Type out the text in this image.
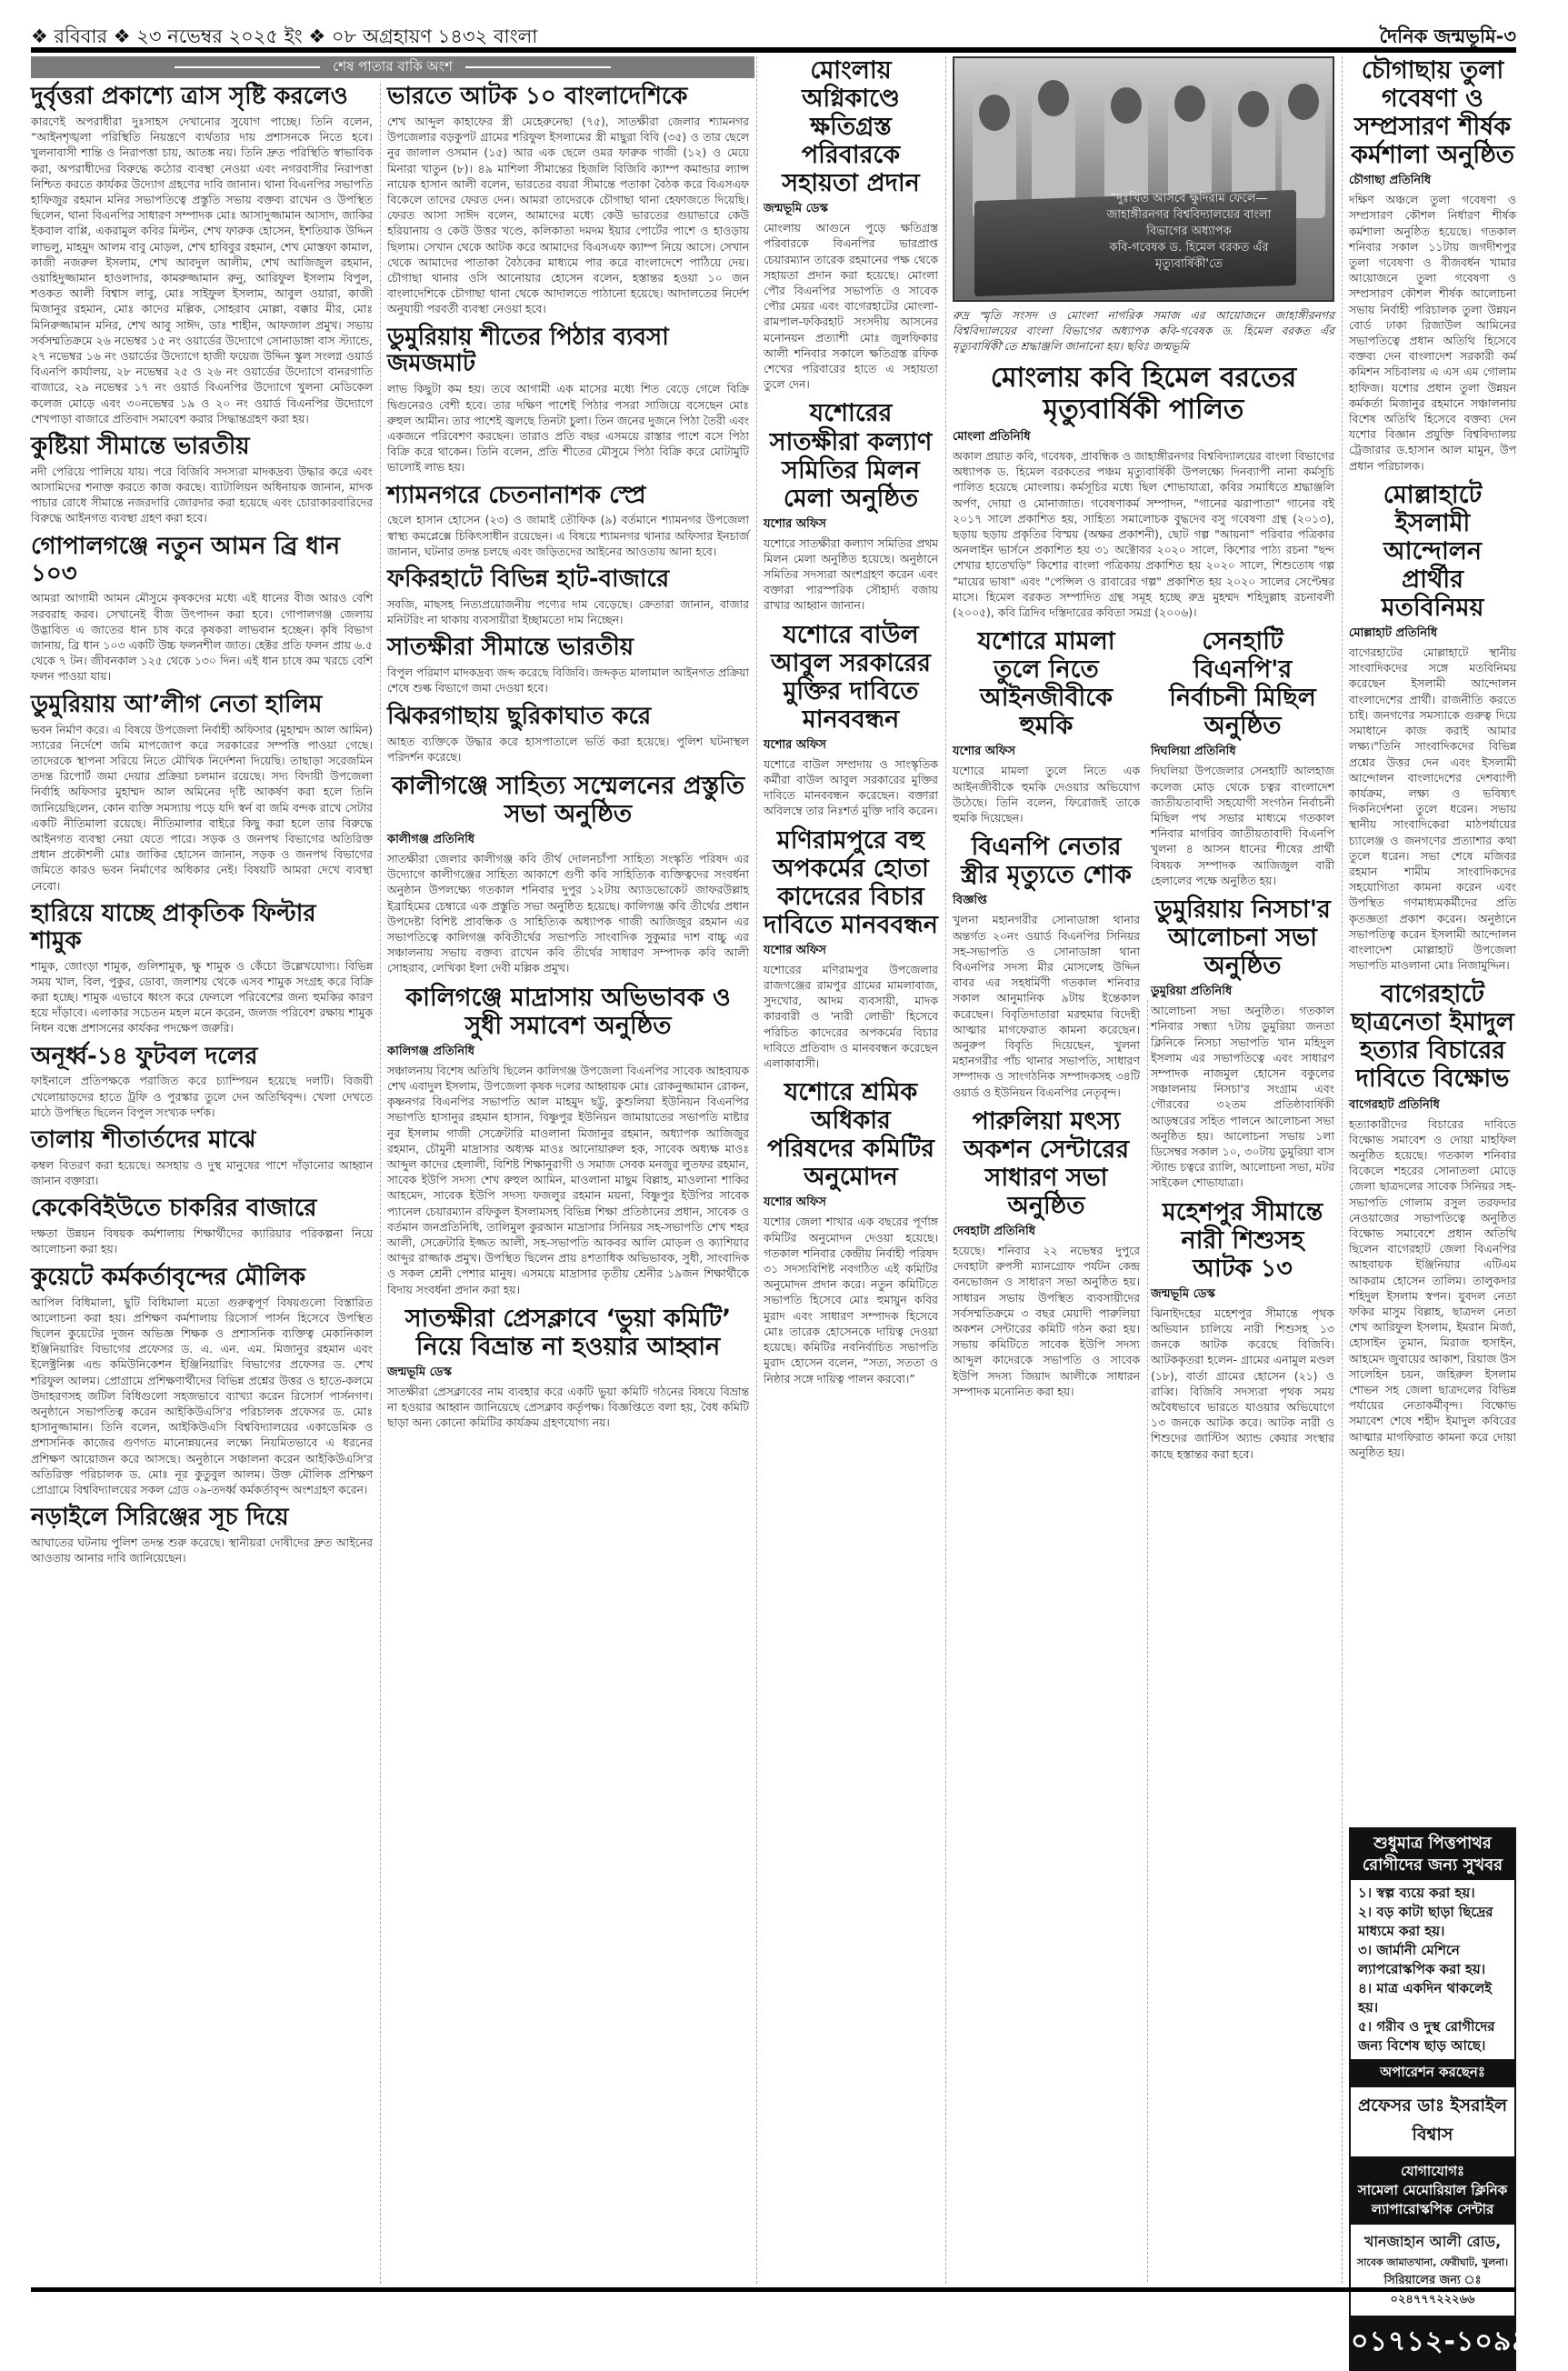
❖ রবিবার ❖ ২৩ নভেম্বর ২০২৫ ইং ❖ ০৮ অগ্রহায়ণ ১৪৩২ বাংলা	দৈনিক জন্মভূমি-৩
শেষ পাতার বাকি অংশ
দুর্বৃত্তরা প্রকাশ্যে ত্রাস সৃষ্টি করলেও
কারণেই অপরাধীরা দুঃসাহস দেখানোর সুযোগ পাচ্ছে। তিনি বলেন, “আইনশৃঙ্খলা পরিস্থিতি নিয়ন্ত্রণে ব্যর্থতার দায় প্রশাসনকে নিতে হবে। খুলনাবাসী শান্তি ও নিরাপত্তা চায়, আতঙ্ক নয়। তিনি দ্রুত পরিস্থিতি স্বাভাবিক করা, অপরাধীদের বিরুদ্ধে কঠোর ব্যবস্থা নেওয়া এবং নগরবাসীর নিরাপত্তা নিশ্চিত করতে কার্যকর উদ্যোগ গ্রহণের দাবি জানান। থানা বিএনপির সভাপতি হাফিজুর রহমান মনির সভাপতিত্বে প্রস্তুতি সভায় বক্তব্য রাখেন ও উপস্থিত ছিলেন, থানা বিএনপির সাধারণ সম্পাদক মোঃ আসাদুজ্জামান আসাদ, জাকির ইকবাল বাপ্পি, একরামুল কবির মিল্টন, শেখ ফারুক হোসেন, ইশতিয়াক উদ্দিন লাভলু, মাহমুদ আলম বাবু মোড়ল, শেখ হাবিবুর রহমান, শেখ মোস্তফা কামাল, কাজী নজরুল ইসলাম, শেখ আবদুল আলীম, শেখ আজিজুল রহমান, ওয়াহিদুজ্জামান হাওলাদার, কামরুজ্জামান রুনু, আরিফুল ইসলাম বিপুল, শওকত আলী বিশ্বাস লাবু, মোঃ সাইফুল ইসলাম, আবুল ওয়ারা, কাজী মিজানুর রহমান, মোঃ কাদের মল্লিক, সোহরাব মোল্লা, বক্কার মীর, মোঃ মিনিরুজ্জামান মনির, শেখ আবু সাঈদ, ডাঃ শাহীন, আফজাল প্রমুখ। সভায় সর্বসম্মতিক্রমে ২৬ নভেম্বর ১৫ নং ওয়ার্ডের উদ্যোগে সোনাডাঙ্গা বাস স্ট্যান্ডে, ২৭ নভেম্বর ১৬ নং ওয়ার্ডের উদ্যোগে হাজী ফয়েজ উদ্দিন স্কুল সংলগ্ন ওয়ার্ড বিএনপি কার্যালয়, ২৮ নভেম্বর ২৫ ও ২৬ নং ওয়ার্ডের উদ্যোগে বানরগাতি বাজারে, ২৯ নভেম্বর ১৭ নং ওয়ার্ড বিএনপির উদ্যোগে খুলনা মেডিকেল কলেজ মোড়ে এবং ৩০নভেম্বর ১৯ ও ২০ নং ওয়ার্ড বিএনপির উদ্যোগে শেখপাড়া বাজারে প্রতিবাদ সমাবেশ করার সিদ্ধান্তগ্রহণ করা হয়।
কুষ্টিয়া সীমান্তে ভারতীয়
নদী পেরিয়ে পালিয়ে যায়। পরে বিজিবি সদস্যরা মাদকদ্রব্য উদ্ধার করে এবং আসামিদের শনাক্ত করতে কাজ করছে। ব্যাটালিয়ন অধিনায়ক জানান, মাদক পাচার রোধে সীমান্তে নজরদারি জোরদার করা হয়েছে এবং চোরাকারবারিদের বিরুদ্ধে আইনগত ব্যবস্থা গ্রহণ করা হবে।
গোপালগঞ্জে নতুন আমন ব্রি ধান ১০৩
আমরা আগামী আমন মৌসুমে কৃষকদের মধ্যে এই ধানের বীজ আরও বেশি সরবরাহ করব। সেখানেই বীজ উৎপাদন করা হবে। গোপালগঞ্জ জেলায় উদ্ভাবিত এ জাতের ধান চাষ করে কৃষকরা লাভবান হচ্ছেন। কৃষি বিভাগ জানায়, ব্রি ধান ১০৩ একটি উচ্চ ফলনশীল জাত। হেক্টর প্রতি ফলন প্রায় ৬.৫ থেকে ৭ টন। জীবনকাল ১২৫ থেকে ১৩০ দিন। এই ধান চাষে কম খরচে বেশি ফলন পাওয়া যায়।
ডুমুরিয়ায় আ’লীগ নেতা হালিম
ভবন নির্মাণ করে। এ বিষয়ে উপজেলা নির্বাহী অফিসার (মুহাম্মদ আল আমিন) স্যারের নির্দেশে জমি মাপজোপ করে সরকারের সম্পত্তি পাওয়া গেছে। তাদেরকে স্থাপনা সরিয়ে নিতে মৌখিক নির্দেশনা দিয়েছি। তাছাড়া সরেজমিন তদন্ত রিপোর্ট জমা দেয়ার প্রক্রিয়া চলমান রয়েছে। সদ্য বিদায়ী উপজেলা নির্বাহি অফিসার মুহাম্মদ আল অমিনের দৃষ্টি আকর্ষণ করা হলে তিনি জানিয়েছিলেন, কোন ব্যক্তি সমস্যায় পড়ে যদি স্বর্ন বা জমি বন্দক রাখে সেটার একটি নীতিমালা রয়েছে। নীতিমালার বাইরে কিছু করা হলে তার বিরুদ্ধে আইনগত ব্যবস্থা নেয়া যেতে পারে। সড়ক ও জনপথ বিভাগের অতিরিক্ত প্রধান প্রকৌশলী মোঃ জাকির হোসেন জানান, সড়ক ও জনপথ বিভাগের জমিতে কারও ভবন নির্মাণের অধিকার নেই। বিষয়টি আমরা দেখে ব্যবস্থা নেবো।
হারিয়ে যাচ্ছে প্রাকৃতিক ফিল্টার শামুক
শামুক, জোংড়া শামুক, গুলিশামুক, ক্ষু শামুক ও কেঁচো উল্লেখযোগ্য। বিভিন্ন সময় খাল, বিল, পুকুর, ডোবা, জলাশয় থেকে এসব শামুক সংগ্রহ করে বিক্রি করা হচ্ছে। শামুক এভাবে ধ্বংস করে ফেললে পরিবেশের জন্য হুমকির কারণ হয়ে দাঁড়াবে। এলাকার সচেতন মহল মনে করেন, জলজ পরিবেশ রক্ষায় শামুক নিধন বন্ধে প্রশাসনের কার্যকর পদক্ষেপ জরুরি।
অনূর্ধ্ব-১৪ ফুটবল দলের
ফাইনালে প্রতিপক্ষকে পরাজিত করে চ্যাম্পিয়ন হয়েছে দলটি। বিজয়ী খেলোয়াড়দের হাতে ট্রফি ও পুরস্কার তুলে দেন অতিথিবৃন্দ। খেলা দেখতে মাঠে উপস্থিত ছিলেন বিপুল সংখ্যক দর্শক।
তালায় শীতার্তদের মাঝে
কম্বল বিতরণ করা হয়েছে। অসহায় ও দুস্থ মানুষের পাশে দাঁড়ানোর আহ্বান জানান বক্তারা।
কেকেবিইউতে চাকরির বাজারে
দক্ষতা উন্নয়ন বিষয়ক কর্মশালায় শিক্ষার্থীদের ক্যারিয়ার পরিকল্পনা নিয়ে আলোচনা করা হয়।
কুয়েটে কর্মকর্তাবৃন্দের মৌলিক
আপিল বিধিমালা, ছুটি বিধিমালা মতো গুরুত্বপূর্ণ বিষয়গুলো বিস্তারিত আলোচনা করা হয়। প্রশিক্ষণ কর্মশালায় রিসোর্স পার্সন হিসেবে উপস্থিত ছিলেন কুয়েটের দুজন অভিজ্ঞ শিক্ষক ও প্রশাসনিক ব্যক্তিত্ব মেকানিকাল ইঞ্জিনিয়ারিং বিভাগের প্রফেসর ড. এ. এন. এম. মিজানুর রহমান এবং ইলেক্ট্রনিক্স এন্ড কমিউনিকেশন ইঞ্জিনিয়ারিং বিভাগের প্রফেসর ড. শেখ শরিফুল আলম। প্রোগ্রামে প্রশিক্ষণার্থীদের বিভিন্ন প্রশ্নের উত্তর ও হাতে-কলমে উদাহরণসহ জটিল বিধিগুলো সহজভাবে ব্যাখ্যা করেন রিসোর্স পার্সনগণ। অনুষ্ঠানে সভাপতিত্ব করেন আইকিউএসি'র পরিচালক প্রফেসর ড. মোঃ হাসানুজ্জামান। তিনি বলেন, আইকিউএসি বিশ্ববিদ্যালয়ের একাডেমিক ও প্রশাসনিক কাজের গুণগত মানোন্নয়নের লক্ষ্যে নিয়মিতভাবে এ ধরনের প্রশিক্ষণ আয়োজন করে আসছে। অনুষ্ঠানে সঞ্চালনা করেন আইকিউএসি'র অতিরিক্ত পরিচালক ড. মোঃ নূর কুতুবুল আলম। উক্ত মৌলিক প্রশিক্ষণ প্রোগ্রামে বিশ্ববিদ্যালয়ের সকল গ্রেড ০৯-তদর্ধ্ব কর্মকর্তাবৃন্দ অংশগ্রহণ করেন।
নড়াইলে সিরিঞ্জের সূচ দিয়ে
আঘাতের ঘটনায় পুলিশ তদন্ত শুরু করেছে। স্থানীয়রা দোষীদের দ্রুত আইনের আওতায় আনার দাবি জানিয়েছেন।
ভারতে আটক ১০ বাংলাদেশিকে
শেখ আব্দুল কাহাফের স্ত্রী মেহেরুনেছা (৭৫), সাতক্ষীরা জেলার শ্যামনগর উপজেলার বড়কুপট গ্রামের শরিফুল ইসলামের স্ত্রী মাছুরা বিবি (৩৫) ও তার ছেলে নুর জালাল ওসমান (১৫) আর এক ছেলে ওমর ফারুক গাজী (১২) ও মেয়ে মিনারা খাতুন (৮)। ৪৯ মাশিলা সীমান্তের হিজলি বিজিবি ক্যাম্প কমান্ডার ল্যান্স নায়েক হাসান আলী বলেন, ভারতের বয়রা সীমান্তে পতাকা বৈঠক করে বিএসএফ বিকেলে তাদের ফেরত দেন। আমরা তাদেরকে চৌগাছা থানা হেফাজতে দিয়েছি। ফেরত আসা সাঈদ বলেন, আমাদের মধ্যে কেউ ভারতের গুয়াভারে কেউ হরিয়ানায় ও কেউ উত্তর খণ্ডে, কলিকাতা দমদম ইয়ার পোর্টের পাশে ও হাওড়ায় ছিলাম। সেখান থেকে আটক করে আমাদের বিএসএফ ক্যাম্প নিয়ে আসে। সেখান থেকে আমাদের পাতাকা বৈঠকের মাধ্যমে পার করে বাংলাদেশে পাঠিয়ে দেয়। চৌগাছা থানার ওসি আনোয়ার হোসেন বলেন, হস্তান্তর হওয়া ১০ জন বাংলাদেশিকে চৌগাছা থানা থেকে আদালতে পাঠানো হয়েছে। আদালতের নির্দেশ অনুযায়ী পরবর্তী ব্যবস্থা নেওয়া হবে।
ডুমুরিয়ায় শীতের পিঠার ব্যবসা জমজমাট
লাভ কিছুটা কম হয়। তবে আগামী এক মাসের মধ্যে শিত বেড়ে গেলে বিক্রি দ্বিগুনেরও বেশী হবে। তার দক্ষিণ পাশেই পিঠার পসরা সাজিয়ে বসেছেন মোঃ রুহুল আমীন। তার পাশেই জ্বলছে তিনটা চুলা। তিন জনের দুজনে পিঠা তৈরী এবং একজনে পরিবেশণ করছেন। তারাও প্রতি বছর এসময়ে রাস্তার পাশে বসে পিঠা বিক্রি করে থাকেন। তিনি বলেন, প্রতি শীতের মৌসুমে পিঠা বিক্রি করে মোটামুটি ভালোই লাভ হয়।
শ্যামনগরে চেতনানাশক স্প্রে
ছেলে হাসান হোসেন (২৩) ও জামাই তৌফিক (৯) বর্তমানে শ্যামনগর উপজেলা স্বাস্থ্য কমপ্লেক্সে চিকিৎসাধীন রয়েছেন। এ বিষয়ে শ্যামনগর থানার অফিসার ইনচার্জ জানান, ঘটনার তদন্ত চলছে এবং জড়িতদের আইনের আওতায় আনা হবে।
ফকিরহাটে বিভিন্ন হাট-বাজারে
সবজি, মাছসহ নিত্যপ্রয়োজনীয় পণ্যের দাম বেড়েছে। ক্রেতারা জানান, বাজার মনিটরিং না থাকায় ব্যবসায়ীরা ইচ্ছামতো দাম নিচ্ছেন।
সাতক্ষীরা সীমান্তে ভারতীয়
বিপুল পরিমাণ মাদকদ্রব্য জব্দ করেছে বিজিবি। জব্দকৃত মালামাল আইনগত প্রক্রিয়া শেষে শুল্ক বিভাগে জমা দেওয়া হবে।
ঝিকরগাছায় ছুরিকাঘাত করে
আহত ব্যক্তিকে উদ্ধার করে হাসপাতালে ভর্তি করা হয়েছে। পুলিশ ঘটনাস্থল পরিদর্শন করেছে।
কালীগঞ্জে সাহিত্য সম্মেলনের প্রস্তুতি সভা অনুষ্ঠিত
কালীগঞ্জ প্রতিনিধি
সাতক্ষীরা জেলার কালীগঞ্জ কবি তীর্থ দোলনচাঁপা সাহিত্য সংস্কৃতি পরিষদ এর উদ্যোগে কালীগঞ্জের সাহিত্য আকাশে গুণী কবি সাহিত্যিক ব্যক্তিত্বদের সংবর্ধনা অনুষ্ঠান উপলক্ষ্যে গতকাল শনিবার দুপুর ১২টায় অ্যাডভোকেট জাফরউল্লাহ ইব্রাহিমের চেম্বারে এক প্রস্তুতি সভা অনুষ্ঠিত হয়েছে। কালিগঞ্জ কবি তীর্থের প্রধান উপদেষ্টা বিশিষ্ট প্রাবন্ধিক ও সাহিত্যিক অধ্যাপক গাজী আজিজুর রহমান এর সভাপতিত্বে কালিগঞ্জ কবিতীর্থের সভাপতি সাংবাদিক সুকুমার দাশ বাচ্চু এর সঞ্চালনায় সভায় বক্তব্য রাখেন কবি তীর্থের সাধারণ সম্পাদক কবি আলী সোহরাব, লেখিকা ইলা দেবী মল্লিক প্রমুখ।
কালিগঞ্জে মাদ্রাসায় অভিভাবক ও সুধী সমাবেশ অনুষ্ঠিত
কালিগঞ্জ প্রতিনিধি
সঞ্চালনায় বিশেষ অতিথি ছিলেন কালিগঞ্জ উপজেলা বিএনপির সাবেক আহবায়ক শেখ এবাদুল ইসলাম, উপজেলা কৃষক দলের আহ্বায়ক মোঃ রোকনুজ্জামান রোকন, কৃষ্ণনগর বিএনপির সভাপতি আল মাহমুদ ছট্টু, কুশুলিয়া ইউনিয়ন বিএনপির সভাপতি হাসানুর রহমান হাসান, বিষ্ণুপুর ইউনিয়ন জামায়াতের সভাপতি মাষ্টার নুর ইসলাম গাজী সেক্রেটারি মাওলানা মিজানুর রহমান, অধ্যাপক আজিজুর রহমান, চৌমুনী মাদ্রাসার অধ্যক্ষ মাওঃ আনোয়ারুল হক, সাবেক অধ্যক্ষ মাওঃ আব্দুল কাদের হেলালী, বিশিষ্ট শিক্ষানুরাগী ও সমাজ সেবক মনজুর লুতফর রহমান, সাবেক ইউপি সদস্য শেখ রুহুল আমিন, মাওলানা মাছুম বিল্লাহ, মাওলানা শাকির আহমেদ, সাবেক ইউপি সদস্য ফজলুর রহমান ময়না, বিষ্ণুপুর ইউপির সাবেক প্যানেল চেয়ারম্যান রফিকুল ইসলামসহ বিভিন্ন শিক্ষা প্রতিষ্ঠানের প্রধান, সাবেক ও বর্তমান জনপ্রতিনিধি, তালিমুল কুরআন মাদ্রাসার সিনিয়র সহ-সভাপতি শেখ শহর আলী, সেক্রেটারি ইজ্জত আলী, সহ-সভাপতি আকবর আলি মোড়ল ও ক্যাশিয়ার আব্দুর রাজ্জাক প্রমুখ। উপস্থিত ছিলেন প্রায় ৪শতাধিক অভিভাবক, সুধী, সাংবাদিক ও সকল শ্রেনী পেশার মানুষ। এসময়ে মাদ্রাসার তৃতীয় শ্রেনীর ১৯জন শিক্ষার্থীকে বিদায় সংবর্ধনা প্রদান করা হয়।
সাতক্ষীরা প্রেসক্লাবে ‘ভুয়া কমিটি’ নিয়ে বিভ্রান্ত না হওয়ার আহ্বান
জন্মভূমি ডেস্ক
সাতক্ষীরা প্রেসক্লাবের নাম ব্যবহার করে একটি ভুয়া কমিটি গঠনের বিষয়ে বিভ্রান্ত না হওয়ার আহ্বান জানিয়েছে প্রেসক্লাব কর্তৃপক্ষ। বিজ্ঞপ্তিতে বলা হয়, বৈধ কমিটি ছাড়া অন্য কোনো কমিটির কার্যক্রম গ্রহণযোগ্য নয়।
মোংলায় অগ্নিকাণ্ডে ক্ষতিগ্রস্ত পরিবারকে সহায়তা প্রদান
জন্মভূমি ডেস্ক
মোংলায় আগুনে পুড়ে ক্ষতিগ্রস্ত পরিবারকে বিএনপির ভারপ্রাপ্ত চেয়ারম্যান তারেক রহমানের পক্ষ থেকে সহায়তা প্রদান করা হয়েছে। মোংলা পৌর বিএনপির সভাপতি ও সাবেক পৌর মেয়র এবং বাগেরহাটের মোংলা-রামপাল-ফকিরহাট সংসদীয় আসনের মনোনয়ন প্রত্যাশী মোঃ জুলফিকার আলী শনিবার সকালে ক্ষতিগ্রস্ত রফিক শেখের পরিবারের হাতে এ সহায়তা তুলে দেন।
যশোরের সাতক্ষীরা কল্যাণ সমিতির মিলন মেলা অনুষ্ঠিত
যশোর অফিস
যশোরে সাতক্ষীরা কল্যাণ সমিতির প্রথম মিলন মেলা অনুষ্ঠিত হয়েছে। অনুষ্ঠানে সমিতির সদস্যরা অংশগ্রহণ করেন এবং বক্তারা পারস্পরিক সৌহার্দ্য বজায় রাখার আহ্বান জানান।
যশোরে বাউল আবুল সরকারের মুক্তির দাবিতে মানববন্ধন
যশোর অফিস
যশোরে বাউল সম্প্রদায় ও সাংস্কৃতিক কর্মীরা বাউল আবুল সরকারের মুক্তির দাবিতে মানববন্ধন করেছেন। বক্তারা অবিলম্বে তার নিঃশর্ত মুক্তি দাবি করেন।
মণিরামপুরে বহু অপকর্মের হোতা কাদেরের বিচার দাবিতে মানববন্ধন
যশোর অফিস
যশোরের মণিরামপুর উপজেলার রাজগঞ্জের রামপুর গ্রামের মামলাবাজ, সুদখোর, আদম ব্যবসায়ী, মাদক কারবারী ও 'নারী লোভী' হিসেবে পরিচিত কাদেরের অপকর্মের বিচার দাবিতে প্রতিবাদ ও মানববন্ধন করেছেন এলাকাবাসী।
যশোরে শ্রমিক অধিকার পরিষদের কমিটির অনুমোদন
যশোর অফিস
যশোর জেলা শাখার এক বছরের পূর্ণাঙ্গ কমিটির অনুমোদন দেওয়া হয়েছে। গতকাল শনিবার কেন্দ্রীয় নির্বাহী পরিষদ ৩১ সদস্যবিশিষ্ট নবগঠিত এই কমিটির অনুমোদন প্রদান করে। নতুন কমিটিতে সভাপতি হিসেবে মোঃ হুমায়ুন কবির মুরাদ এবং সাধারণ সম্পাদক হিসেবে মোঃ তারেক হোসেনকে দায়িত্ব দেওয়া হয়েছে। কমিটির নবনির্বাচিত সভাপতি মুরাদ হোসেন বলেন, “সত্য, সততা ও নিষ্ঠার সঙ্গে দায়িত্ব পালন করবো।”
“দুঃখিত আসবে ক্ষুদিরাম ফেলে—
জাহাঙ্গীরনগর বিশ্ববিদ্যালয়ের বাংলা বিভাগের অধ্যাপক
কবি-গবেষক ড. হিমেল বরকত এঁর মৃত্যুবার্ষিকী'তে
রুদ্র স্মৃতি সংসদ ও মোংলা নাগরিক সমাজ এর আয়োজনে জাহাঙ্গীরনগর বিশ্ববিদ্যালয়ের বাংলা বিভাগের অধ্যাপক কবি-গবেষক ড. হিমেল বরকত এঁর মৃত্যুবার্ষিকী'তে শ্রদ্ধাঞ্জলি জানানো হয়। ছবিঃ জন্মভূমি
মোংলায় কবি হিমেল বরতের মৃত্যুবার্ষিকী পালিত
মোংলা প্রতিনিধি
অকাল প্রয়াত কবি, গবেষক, প্রাবন্ধিক ও জাহাঙ্গীরনগর বিশ্ববিদ্যালয়ের বাংলা বিভাগের অধ্যাপক ড. হিমেল বরকতের পঞ্চম মৃত্যুবার্ষিকী উপলক্ষ্যে দিনব্যাপী নানা কর্মসূচি পালিত হয়েছে মোংলায়। কর্মসূচির মধ্যে ছিল শোভাযাত্রা, কবির সমাধিতে শ্রদ্ধাঞ্জলি অর্পণ, দোয়া ও মোনাজাত। গবেষণাকর্ম সম্পাদন, "গানের ঝরাপাতা" গানের বই ২০১৭ সালে প্রকাশিত হয়, সাহিত্য সমালোচক বুদ্ধদেব বসু গবেষণা গ্রন্থ (২০১৩), ছড়ায় ছড়ায় প্রকৃতির বিস্ময় (অক্ষর প্রকাশনী), ছোট গল্প "আয়না" পরিবার পত্রিকার অনলাইন ভার্সনে প্রকাশিত হয় ৩১ অক্টোবর ২০২০ সালে, কিশোর পাঠ্য রচনা "ছন্দ শেখার হাতেখড়ি" কিশোর বাংলা পত্রিকায় প্রকাশিত হয় ২০২০ সালে, শিশুতোষ গল্প "মায়ের ভাষা" এবং "পেন্সিল ও রাবারের গল্প" প্রকাশিত হয় ২০২০ সালের সেপ্টেম্বর মাসে। হিমেল বরকত সম্পাদিত গ্রন্থ সমূহ হচ্ছে রুদ্র মুহম্মদ শহিদুল্লাহ রচনাবলী (২০০৫), কবি ত্রিদিব দস্তিদারের কবিতা সমগ্র (২০০৬)।
যশোরে মামলা তুলে নিতে আইনজীবীকে হুমকি
যশোর অফিস
যশোরে মামলা তুলে নিতে এক আইনজীবীকে হুমকি দেওয়ার অভিযোগ উঠেছে। তিনি বলেন, ফিরোজই তাকে হুমকি দিয়েছেন।
বিএনপি নেতার স্ত্রীর মৃত্যুতে শোক
বিজ্ঞপ্তি
খুলনা মহানগরীর সোনাডাঙ্গা থানার অন্তর্গত ২০নং ওয়ার্ড বিএনপির সিনিয়র সহ-সভাপতি ও সোনাডাঙ্গা থানা বিএনপির সদস্য মীর মোসলেহ উদ্দিন বাবর এর সহধর্মিণী গতকাল শনিবার সকাল আনুমানিক ৯টায় ইন্তেকাল করেছেন। বিবৃতিদাতারা মরহুমার বিদেহী আত্মার মাগফেরাত কামনা করেছেন। অনুরুপ বিবৃতি দিয়েছেন, খুলনা মহানগরীর পাঁচ থানার সভাপতি, সাধারণ সম্পাদক ও সাংগঠনিক সম্পাদকসহ ৩৪টি ওয়ার্ড ও ইউনিয়ন বিএনপির নেতৃবৃন্দ।
পারুলিয়া মৎস্য অকশন সেন্টারের সাধারণ সভা অনুষ্ঠিত
দেবহাটা প্রতিনিধি
হয়েছে। শনিবার ২২ নভেম্বর দুপুরে দেবহাটা রুপসী ম্যানগ্রোফ পর্যটন কেন্দ্র বনভোজন ও সাধারণ সভা অনুষ্ঠিত হয়। সাধারন সভায় উপস্থিত ব্যবসায়ীদের সর্বসম্মতিক্রমে ৩ বছর মেয়াদী পারুলিয়া অকশন সেন্টারের কমিটি গঠন করা হয়। সভায় কমিটিতে সাবেক ইউপি সদস্য আব্দুল কাদেরকে সভাপতি ও সাবেক ইউপি সদস্য জিয়াদ আলীকে সাধারন সম্পাদক মনোনিত করা হয়।
সেনহাটি বিএনপি'র নির্বাচনী মিছিল অনুষ্ঠিত
দিঘলিয়া প্রতিনিধি
দিঘলিয়া উপজেলার সেনহাটি আলহাজ কলেজ মোড় থেকে চত্বর বাংলাদেশ জাতীয়তাবাদী সহযোগী সংগঠন নির্বাচনী মিছিল পথ সভার মাধ্যমে গতকাল শনিবার মাগরিব জাতীয়তাবাদী বিএনপি খুলনা ৪ আসন ধানের শীষের প্রার্থী বিষয়ক সম্পাদক আজিজুল বারী হেলালের পক্ষে অনুষ্ঠিত হয়।
ডুমুরিয়ায় নিসচা'র আলোচনা সভা অনুষ্ঠিত
ডুমুরিয়া প্রতিনিধি
আলোচনা সভা অনুষ্ঠিত। গতকাল শনিবার সন্ধ্যা ৭টায় ডুমুরিয়া জনতা ক্লিনিকে নিসচা সভাপতি খান মহিদুল ইসলাম এর সভাপতিত্বে এবং সাধারণ সম্পাদক নাজমুল হোসেন বকুলের সঞ্চালনায় নিসচা'র সংগ্রাম এবং গৌরবের ৩২তম প্রতিষ্ঠাবার্ষিকী আড়ম্বরের সহিত পালনে আলোচনা সভা অনুষ্ঠিত হয়। আলোচনা সভায় ১লা ডিসেম্বর সকাল ১০, ৩০টায় ডুমুরিয়া বাস স্ট্যান্ড চত্বরে র‍্যালি, আলোচনা সভা, মটর সাইকেল শোভাযাত্রা।
মহেশপুর সীমান্তে নারী শিশুসহ আটক ১৩
জন্মভূমি ডেস্ক
ঝিনাইদহের মহেশপুর সীমান্তে পৃথক অভিযান চালিয়ে নারী শিশুসহ ১৩ জনকে আটক করেছে বিজিবি। আটককৃতরা হলেন- গ্রামের এনামুল মণ্ডল (১৮), বার্তা গ্রামের হোসেন (২১) ও রাব্বি। বিজিবি সদস্যরা পৃথক সময় অবৈধভাবে ভারতে যাওয়ার অভিযোগে ১৩ জনকে আটক করে। আটক নারী ও শিশুদের জাস্টিস অ্যান্ড কেয়ার সংস্থার কাছে হস্তান্তর করা হবে।
চৌগাছায় তুলা গবেষণা ও সম্প্রসারণ শীর্ষক কর্মশালা অনুষ্ঠিত
চৌগাছা প্রতিনিধি
দক্ষিণ অঞ্চলে তুলা গবেষণা ও সম্প্রসারণ কৌশল নির্ধারণ শীর্ষক কর্মশালা অনুষ্ঠিত হয়েছে। গতকাল শনিবার সকাল ১১টায় জগদীশপুর তুলা গবেষণা ও বীজবর্ধন খামার আয়োজনে তুলা গবেষণা ও সম্প্রসারণ কৌশল শীর্ষক আলোচনা সভায় নির্বাহী পরিচালক তুলা উন্নয়ন বোর্ড ঢাকা রিজাউল আমিনের সভাপতিত্বে প্রধান অতিথি হিসেবে বক্তব্য দেন বাংলাদেশ সরকারী কর্ম কমিশন সচিবালয় এ এস এম গোলাম হাফিজ। যশোর প্রধান তুলা উন্নয়ন কর্মকর্তা মিজানুর রহমানে সঞ্চালনায় বিশেষ অতিথি হিসেবে বক্তব্য দেন যশোর বিজ্ঞান প্রযুক্তি বিশ্ববিদ্যালয় ট্রেজারার ড.হাসান আল মামুন, উপ প্রধান পরিচালক।
মোল্লাহাটে ইসলামী আন্দোলন প্রার্থীর মতবিনিময়
মোল্লাহাট প্রতিনিধি
বাগেরহাটের মোল্লাহাটে স্থানীয় সাংবাদিকদের সঙ্গে মতবিনিময় করেছেন ইসলামী আন্দোলন বাংলাদেশের প্রার্থী। রাজনীতি করতে চাই। জনগণের সমস্যাকে গুরুত্ব দিয়ে সমাধানে কাজ করাই আমার লক্ষ্য।"তিনি সাংবাদিকদের বিভিন্ন প্রশ্নের উত্তর দেন এবং ইসলামী আন্দোলন বাংলাদেশের দেশব্যাপী কার্যক্রম, লক্ষ্য ও ভবিষ্যৎ দিকনির্দেশনা তুলে ধরেন। সভায় স্থানীয় সাংবাদিকেরা মাঠপর্যায়ের চ্যালেঞ্জ ও জনগণের প্রত্যাশার কথা তুলে ধরেন। সভা শেষে মজিবর রহমান শামীম সাংবাদিকদের সহযোগিতা কামনা করেন এবং উপস্থিত গণমাধ্যমকর্মীদের প্রতি কৃতজ্ঞতা প্রকাশ করেন। অনুষ্ঠানে সভাপতিত্ব করেন ইসলামী আন্দোলন বাংলাদেশ মোল্লাহাট উপজেলা সভাপতি মাওলানা মোঃ নিজামুদ্দিন।
বাগেরহাটে ছাত্রনেতা ইমাদুল হত্যার বিচারের দাবিতে বিক্ষোভ
বাগেরহাট প্রতিনিধি
হত্যাকারীদের বিচারের দাবিতে বিক্ষোভ সমাবেশ ও দোয়া মাহফিল অনুষ্ঠিত হয়েছে। গতকাল শনিবার বিকেলে শহরের সোনাতলা মোড়ে জেলা ছাত্রদলের সাবেক সিনিয়র সহ-সভাপতি গোলাম রসুল তরফদার নেওয়াজের সভাপতিত্বে অনুষ্ঠিত বিক্ষোভ সমাবেশে প্রধান অতিথি ছিলেন বাগেরহাট জেলা বিএনপির আহবায়ক ইঞ্জিনিয়ার এটিএম আকরাম হোসেন তালিম। তালুকদার শহিদুল ইসলাম স্বপন। যুবদল নেতা ফকির মাসুম বিল্লাহ, ছাত্রদল নেতা শেখ আরিফুল ইসলাম, ইমরান মির্জা, হোসাইন তুমান, মিরাজ হুসাইন, আহমেদ জুবায়ের আকাশ, রিয়াজ উস সালেহিন চয়ন, জহিরুল ইসলাম শোভন সহ জেলা ছাত্রদলের বিভিন্ন পর্যায়ের নেতাকর্মীবৃন্দ। বিক্ষোভ সমাবেশ শেষে শহীদ ইমাদুল কবিরের আত্মার মাগফিরাত কামনা করে দোয়া অনুষ্ঠিত হয়।
শুধুমাত্র পিত্তপাথর রোগীদের জন্য সুখবর
১। স্বল্প ব্যয়ে করা হয়।
২। বড় কাটা ছাড়া ছিদ্রের মাধ্যমে করা হয়।
৩। জার্মানী মেশিনে ল্যাপরোস্কপিক করা হয়।
৪। মাত্র একদিন থাকলেই হয়।
৫। গরীব ও দুস্থ রোগীদের জন্য বিশেষ ছাড় আছে।
অপারেশন করছেনঃ
প্রফেসর ডাঃ ইসরাইল বিশ্বাস
যোগাযোগঃ
সামেলা মেমোরিয়াল ক্লিনিক
ল্যাপারোস্কপিক সেন্টার
খানজাহান আলী রোড,
সাবেক জামাতখানা, ফেরীঘাট, খুলনা।
সিরিয়ালের জন্য ঃ ০২৪৭৭৭২২২৬৬
০১৭১২-১০৯৯০০
